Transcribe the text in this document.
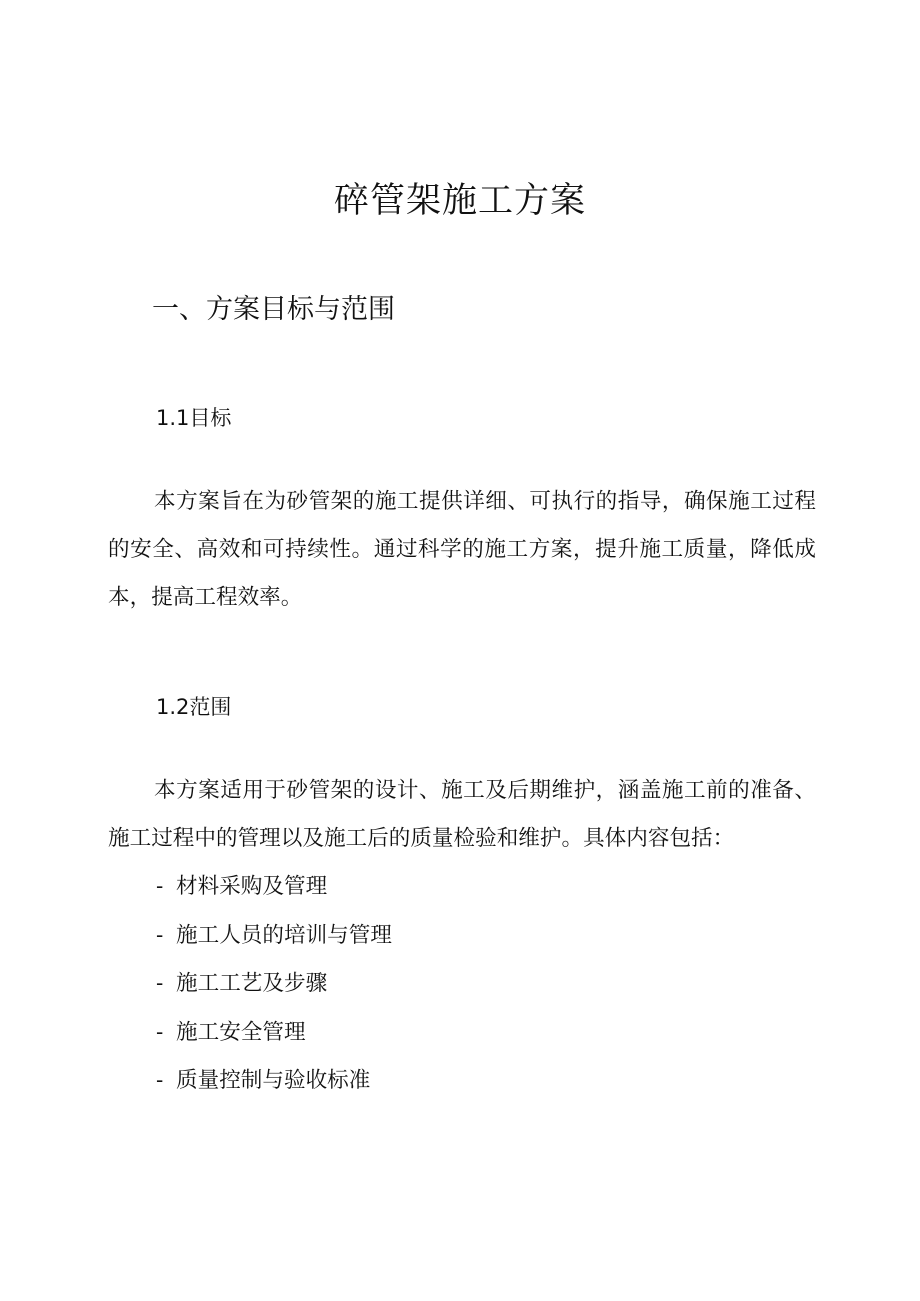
碎管架施工方案
一、方案目标与范围
1.1目标

本方案旨在为砂管架的施工提供详细、可执行的指导，确保施工过程的安全、高效和可持续性。通过科学的施工方案，提升施工质量，降低成本，提高工程效率。

1.2范围

本方案适用于砂管架的设计、施工及后期维护，涵盖施工前的准备、施工过程中的管理以及施工后的质量检验和维护。具体内容包括：

- 材料采购及管理
- 施工人员的培训与管理
- 施工工艺及步骤
- 施工安全管理
- 质量控制与验收标准
